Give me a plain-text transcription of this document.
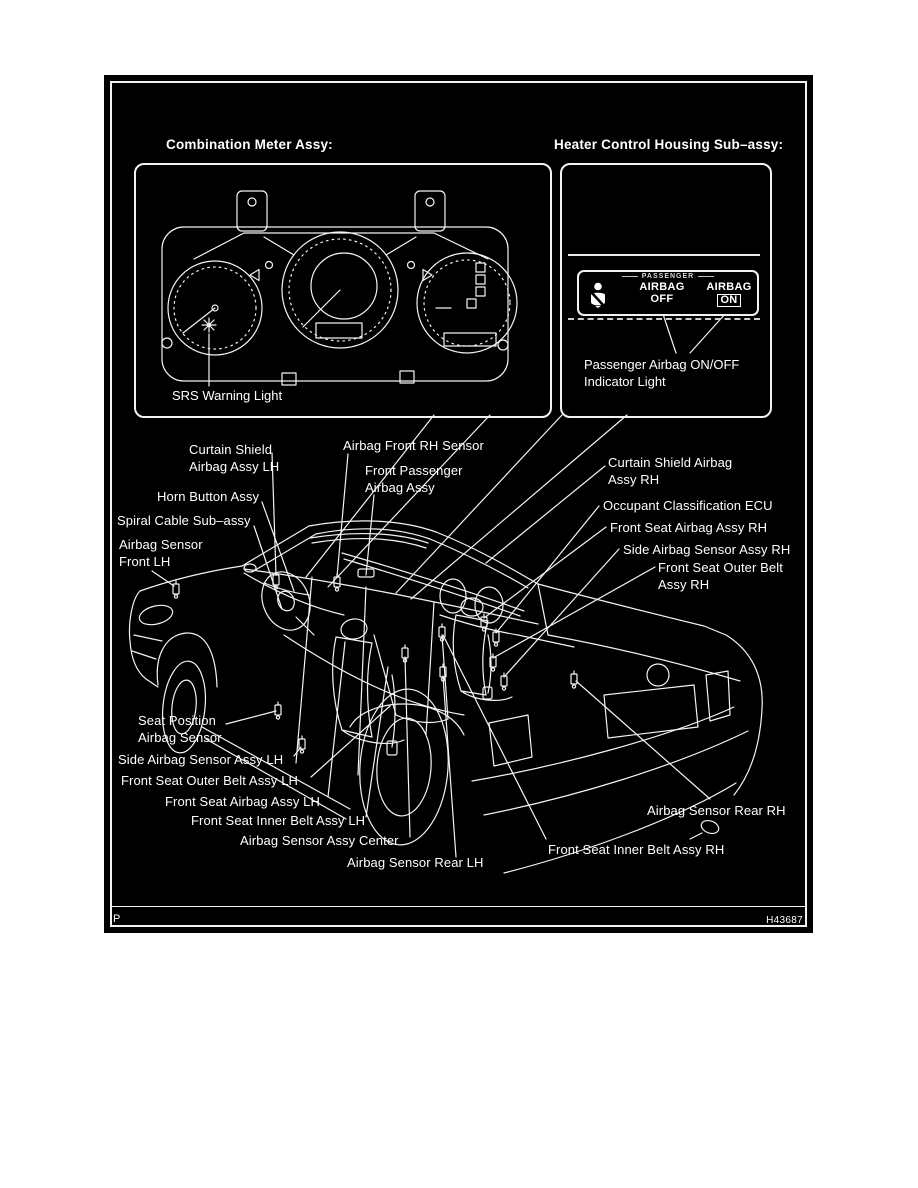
Combination Meter Assy:	Heater Control Housing Sub–assy:
SRS Warning Light
PASSENGER
AIRBAG
OFF
AIRBAG
ON
Passenger Airbag ON/OFF
Indicator Light
Curtain Shield
Airbag Assy LH
Airbag Front RH Sensor
Front Passenger
Airbag Assy
Horn Button Assy
Spiral Cable Sub–assy
Airbag Sensor
Front LH
Curtain Shield Airbag
Assy RH
Occupant Classification ECU
Front Seat Airbag Assy RH
Side Airbag Sensor Assy RH
Front Seat Outer Belt
Assy RH
Seat Position
Airbag Sensor
Side Airbag Sensor Assy LH
Front Seat Outer Belt Assy LH
Front Seat Airbag Assy LH
Front Seat Inner Belt Assy LH
Airbag Sensor Assy Center
Airbag Sensor Rear LH
Airbag Sensor Rear RH
Front Seat Inner Belt Assy RH
P	H43687
